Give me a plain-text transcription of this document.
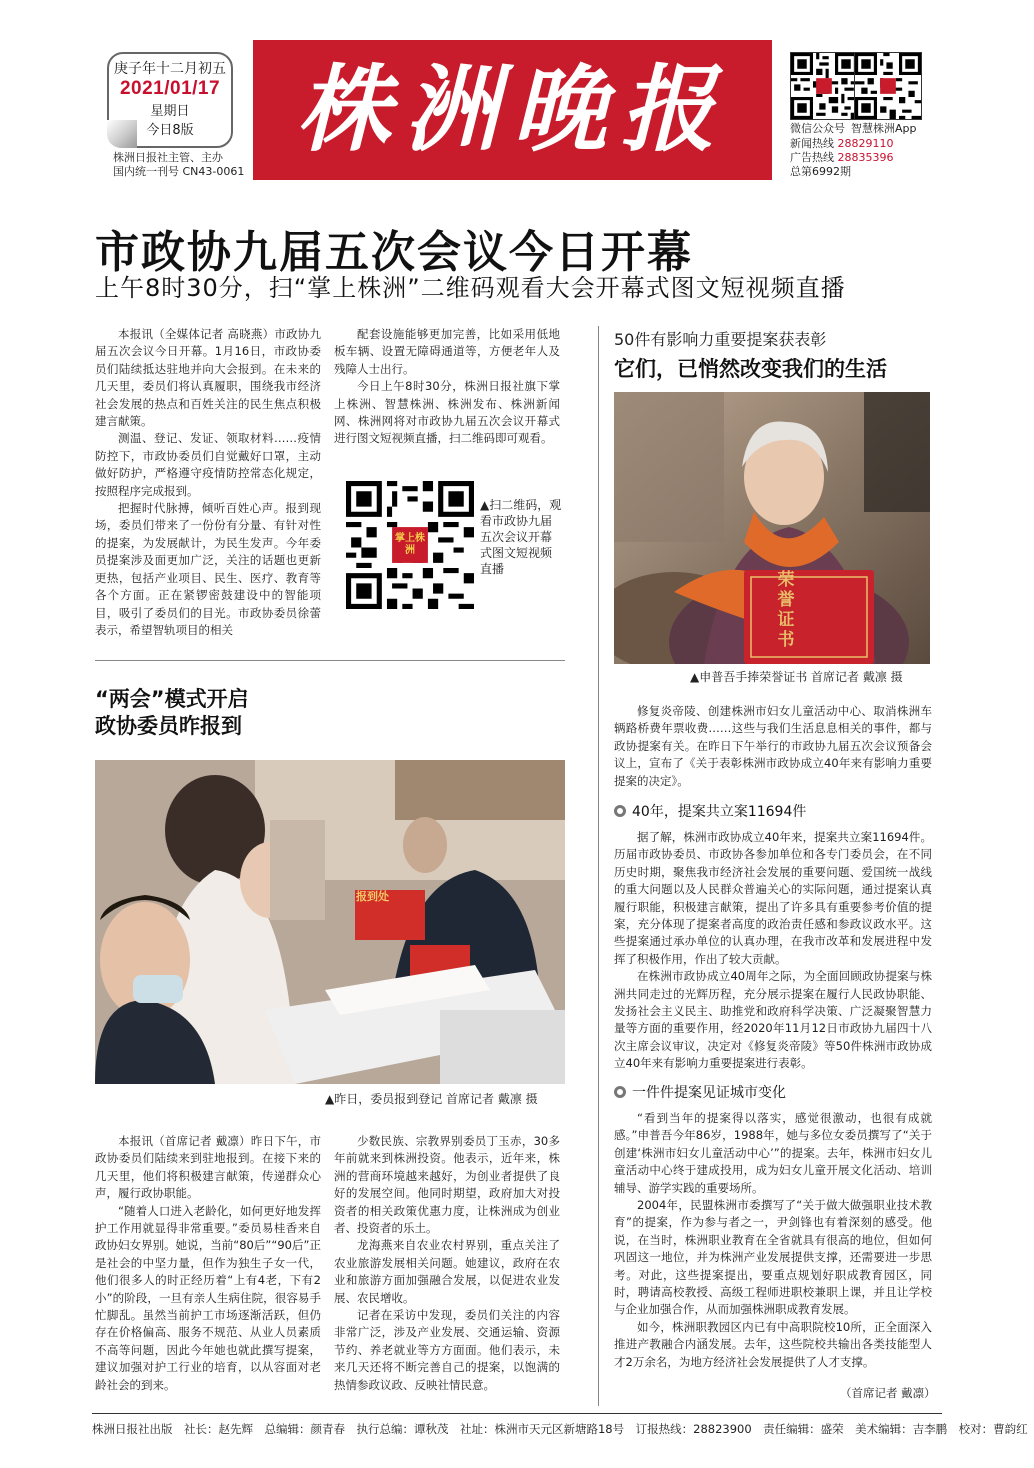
庚子年十二月初五
2021/01/17
星期日
今日8版
株洲日报社主管、主办
国内统一刊号 CN43-0061
株洲晚报	微信公众号 智慧株洲App
新闻热线 28829110
广告热线 28835396
总第6992期
市政协九届五次会议今日开幕
上午8时30分，扫“掌上株洲”二维码观看大会开幕式图文短视频直播

本报讯（全媒体记者 高晓燕）市政协九届五次会议今日开幕。1月16日，市政协委员们陆续抵达驻地并向大会报到。在未来的几天里，委员们将认真履职，围绕我市经济社会发展的热点和百姓关注的民生焦点积极建言献策。

测温、登记、发证、领取材料……疫情防控下，市政协委员们自觉戴好口罩，主动做好防护，严格遵守疫情防控常态化规定，按照程序完成报到。

把握时代脉搏，倾听百姓心声。报到现场，委员们带来了一份份有分量、有针对性的提案，为发展献计，为民生发声。今年委员提案涉及面更加广泛，关注的话题也更新更热，包括产业项目、民生、医疗、教育等各个方面。正在紧锣密鼓建设中的智能项目，吸引了委员们的目光。市政协委员徐蕾表示，希望智轨项目的相关

配套设施能够更加完善，比如采用低地板车辆、设置无障碍通道等，方便老年人及残障人士出行。

今日上午8时30分，株洲日报社旗下掌上株洲、智慧株洲、株洲发布、株洲新闻网、株洲网将对市政协九届五次会议开幕式进行图文短视频直播，扫二维码即可观看。

掌上株洲
▲扫二维码，观看市政协九届五次会议开幕式图文短视频直播
50件有影响力重要提案获表彰
它们，已悄然改变我们的生活
荣誉证书
▲申普吾手捧荣誉证书 首席记者 戴凛 摄

修复炎帝陵、创建株洲市妇女儿童活动中心、取消株洲车辆路桥费年票收费……这些与我们生活息息相关的事件，都与政协提案有关。在昨日下午举行的市政协九届五次会议预备会议上，宣布了《关于表彰株洲市政协成立40年来有影响力重要提案的决定》。

40年，提案共立案11694件

据了解，株洲市政协成立40年来，提案共立案11694件。历届市政协委员、市政协各参加单位和各专门委员会，在不同历史时期，聚焦我市经济社会发展的重要问题、爱国统一战线的重大问题以及人民群众普遍关心的实际问题，通过提案认真履行职能，积极建言献策，提出了许多具有重要参考价值的提案，充分体现了提案者高度的政治责任感和参政议政水平。这些提案通过承办单位的认真办理，在我市改革和发展进程中发挥了积极作用，作出了较大贡献。

在株洲市政协成立40周年之际，为全面回顾政协提案与株洲共同走过的光辉历程，充分展示提案在履行人民政协职能、发扬社会主义民主、助推党和政府科学决策、广泛凝聚智慧力量等方面的重要作用，经2020年11月12日市政协九届四十八次主席会议审议，决定对《修复炎帝陵》等50件株洲市政协成立40年来有影响力重要提案进行表彰。

一件件提案见证城市变化

“看到当年的提案得以落实，感觉很激动，也很有成就感。”申普吾今年86岁，1988年，她与多位女委员撰写了“关于创建‘株洲市妇女儿童活动中心’”的提案。去年，株洲市妇女儿童活动中心终于建成投用，成为妇女儿童开展文化活动、培训辅导、游学实践的重要场所。

2004年，民盟株洲市委撰写了“关于做大做强职业技术教育”的提案，作为参与者之一，尹剑锋也有着深刻的感受。他说，在当时，株洲职业教育在全省就具有很高的地位，但如何巩固这一地位，并为株洲产业发展提供支撑，还需要进一步思考。对此，这些提案提出，要重点规划好职成教育园区，同时，聘请高校教授、高级工程师进职校兼职上课，并且让学校与企业加强合作，从而加强株洲职成教育发展。

如今，株洲职教园区内已有中高职院校10所，正全面深入推进产教融合内涵发展。去年，这些院校共输出各类技能型人才2万余名，为地方经济社会发展提供了人才支撑。

（首席记者 戴凛）
“两会”模式开启
政协委员昨报到
报到处
▲昨日，委员报到登记 首席记者 戴凛 摄

本报讯（首席记者 戴凛）昨日下午，市政协委员们陆续来到驻地报到。在接下来的几天里，他们将积极建言献策，传递群众心声，履行政协职能。

“随着人口进入老龄化，如何更好地发挥护工作用就显得非常重要。”委员易桂香来自政协妇女界别。她说，当前“80后”“90后”正是社会的中坚力量，但作为独生子女一代，他们很多人的时正经历着“上有4老，下有2小”的阶段，一旦有亲人生病住院，很容易手忙脚乱。虽然当前护工市场逐渐活跃，但仍存在价格偏高、服务不规范、从业人员素质不高等问题，因此今年她也就此撰写提案，建议加强对护工行业的培育，以从容面对老龄社会的到来。

少数民族、宗教界别委员丁玉赤，30多年前就来到株洲投资。他表示，近年来，株洲的营商环境越来越好，为创业者提供了良好的发展空间。他同时期望，政府加大对投资者的相关政策优惠力度，让株洲成为创业者、投资者的乐土。

龙海燕来自农业农村界别，重点关注了农业旅游发展相关问题。她建议，政府在农业和旅游方面加强融合发展，以促进农业发展、农民增收。

记者在采访中发现，委员们关注的内容非常广泛，涉及产业发展、交通运输、资源节约、养老就业等方方面面。他们表示，未来几天还将不断完善自己的提案，以饱满的热情参政议政、反映社情民意。

株洲日报社出版　社长：赵先辉　总编辑：颜青春　执行总编：谭秋茂　社址：株洲市天元区新塘路18号　订报热线：28823900　责任编辑：盛荣　美术编辑：吉李鹏　校对：曹韵红
